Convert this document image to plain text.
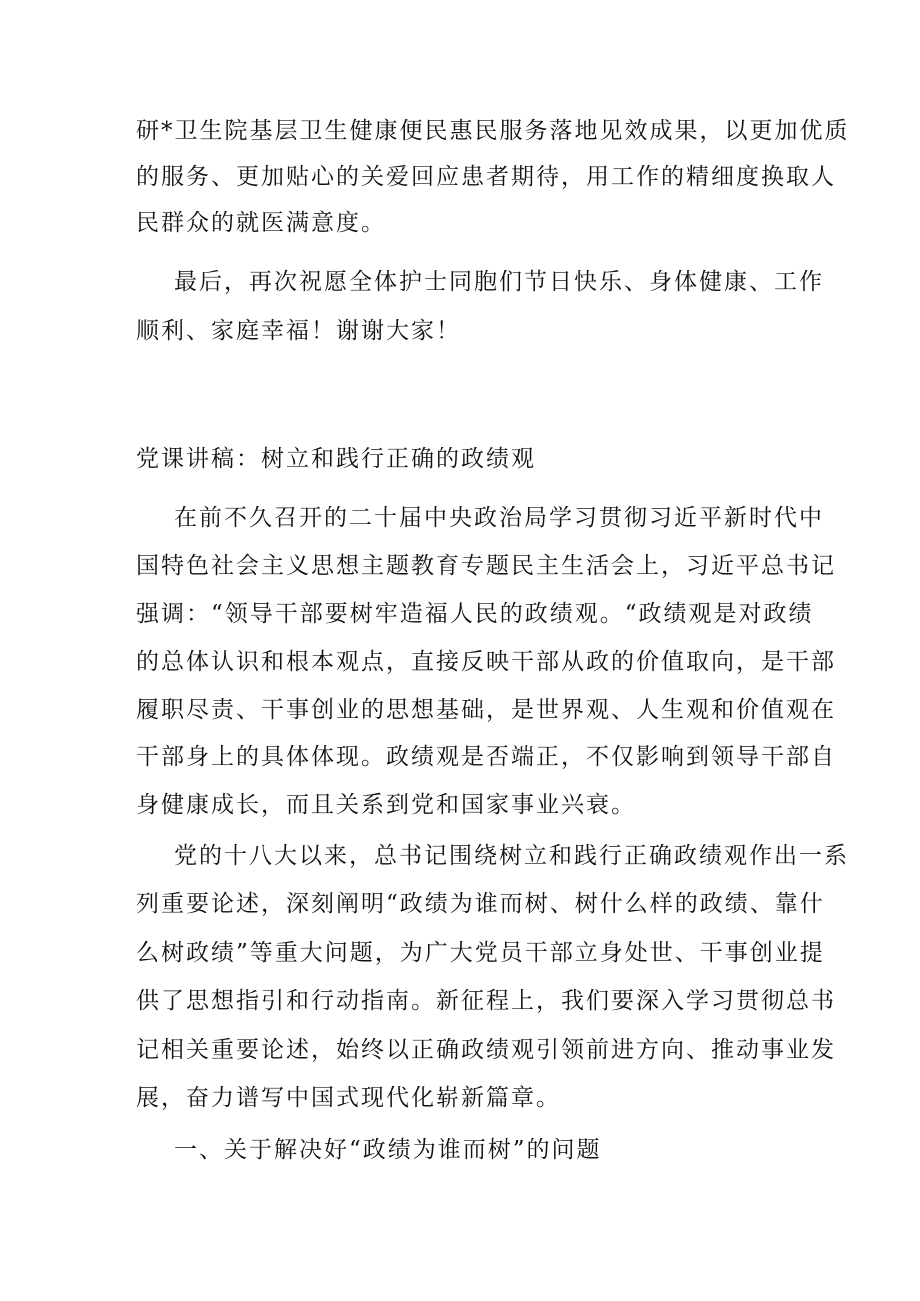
研*卫生院基层卫生健康便民惠民服务落地见效成果，以更加优质
的服务、更加贴心的关爱回应患者期待，用工作的精细度换取人
民群众的就医满意度。
最后，再次祝愿全体护士同胞们节日快乐、身体健康、工作
顺利、家庭幸福！谢谢大家！
党课讲稿：树立和践行正确的政绩观
在前不久召开的二十届中央政治局学习贯彻习近平新时代中
国特色社会主义思想主题教育专题民主生活会上，习近平总书记
强调：“领导干部要树牢造福人民的政绩观。“政绩观是对政绩
的总体认识和根本观点，直接反映干部从政的价值取向，是干部
履职尽责、干事创业的思想基础，是世界观、人生观和价值观在
干部身上的具体体现。政绩观是否端正，不仅影响到领导干部自
身健康成长，而且关系到党和国家事业兴衰。
党的十八大以来，总书记围绕树立和践行正确政绩观作出一系
列重要论述，深刻阐明“政绩为谁而树、树什么样的政绩、靠什
么树政绩”等重大问题，为广大党员干部立身处世、干事创业提
供了思想指引和行动指南。新征程上，我们要深入学习贯彻总书
记相关重要论述，始终以正确政绩观引领前进方向、推动事业发
展，奋力谱写中国式现代化崭新篇章。
一、关于解决好“政绩为谁而树”的问题
